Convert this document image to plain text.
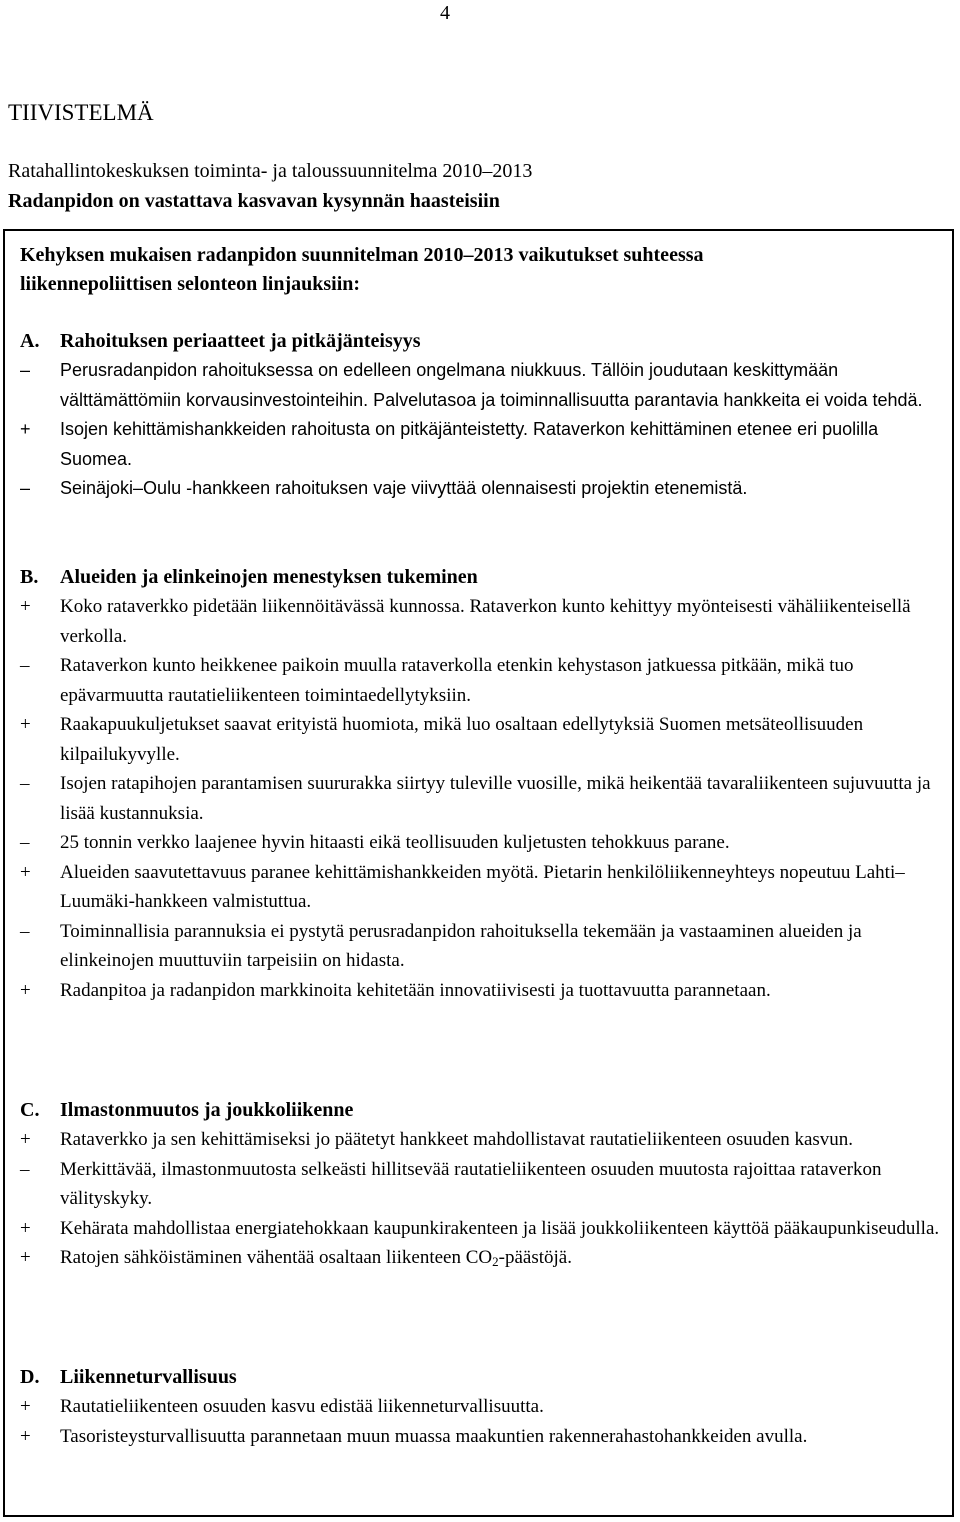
4
TIIVISTELMÄ
Ratahallintokeskuksen toiminta- ja taloussuunnitelma 2010–2013
Radanpidon on vastattava kasvavan kysynnän haasteisiin
Kehyksen mukaisen radanpidon suunnitelman 2010–2013 vaikutukset suhteessa
liikennepoliittisen selonteon linjauksiin:
A.	Rahoituksen periaatteet ja pitkäjänteisyys
–	Perusradanpidon rahoituksessa on edelleen ongelmana niukkuus. Tällöin joudutaan keskittymään välttämättömiin korvausinvestointeihin. Palvelutasoa ja toiminnallisuutta parantavia hankkeita ei voida tehdä.
+	Isojen kehittämishankkeiden rahoitusta on pitkäjänteistetty. Rataverkon kehittäminen etenee eri puolilla Suomea.
–	Seinäjoki–Oulu -hankkeen rahoituksen vaje viivyttää olennaisesti projektin etenemistä.
B.	Alueiden ja elinkeinojen menestyksen tukeminen
+	Koko rataverkko pidetään liikennöitävässä kunnossa. Rataverkon kunto kehittyy myönteisesti vähäliikenteisellä verkolla.
–	Rataverkon kunto heikkenee paikoin muulla rataverkolla etenkin kehystason jatkuessa pitkään, mikä tuo epävarmuutta rautatieliikenteen toimintaedellytyksiin.
+	Raakapuukuljetukset saavat erityistä huomiota, mikä luo osaltaan edellytyksiä Suomen metsäteollisuuden kilpailukyvylle.
–	Isojen ratapihojen parantamisen suururakka siirtyy tuleville vuosille, mikä heikentää tavaraliikenteen sujuvuutta ja lisää kustannuksia.
–	25 tonnin verkko laajenee hyvin hitaasti eikä teollisuuden kuljetusten tehokkuus parane.
+	Alueiden saavutettavuus paranee kehittämishankkeiden myötä. Pietarin henkilöliikenneyhteys nopeutuu Lahti–Luumäki-hankkeen valmistuttua.
–	Toiminnallisia parannuksia ei pystytä perusradanpidon rahoituksella tekemään ja vastaaminen alueiden ja elinkeinojen muuttuviin tarpeisiin on hidasta.
+	Radanpitoa ja radanpidon markkinoita kehitetään innovatiivisesti ja tuottavuutta parannetaan.
C.	Ilmastonmuutos ja joukkoliikenne
+	Rataverkko ja sen kehittämiseksi jo päätetyt hankkeet mahdollistavat rautatieliikenteen osuuden kasvun.
–	Merkittävää, ilmastonmuutosta selkeästi hillitsevää rautatieliikenteen osuuden muutosta rajoittaa rataverkon välityskyky.
+	Kehärata mahdollistaa energiatehokkaan kaupunkirakenteen ja lisää joukkoliikenteen käyttöä pääkaupunkiseudulla.
+	Ratojen sähköistäminen vähentää osaltaan liikenteen $CO_2$-päästöjä.
D.	Liikenneturvallisuus
+	Rautatieliikenteen osuuden kasvu edistää liikenneturvallisuutta.
+	Tasoristeysturvallisuutta parannetaan muun muassa maakuntien rakennerahastohankkeiden avulla.
